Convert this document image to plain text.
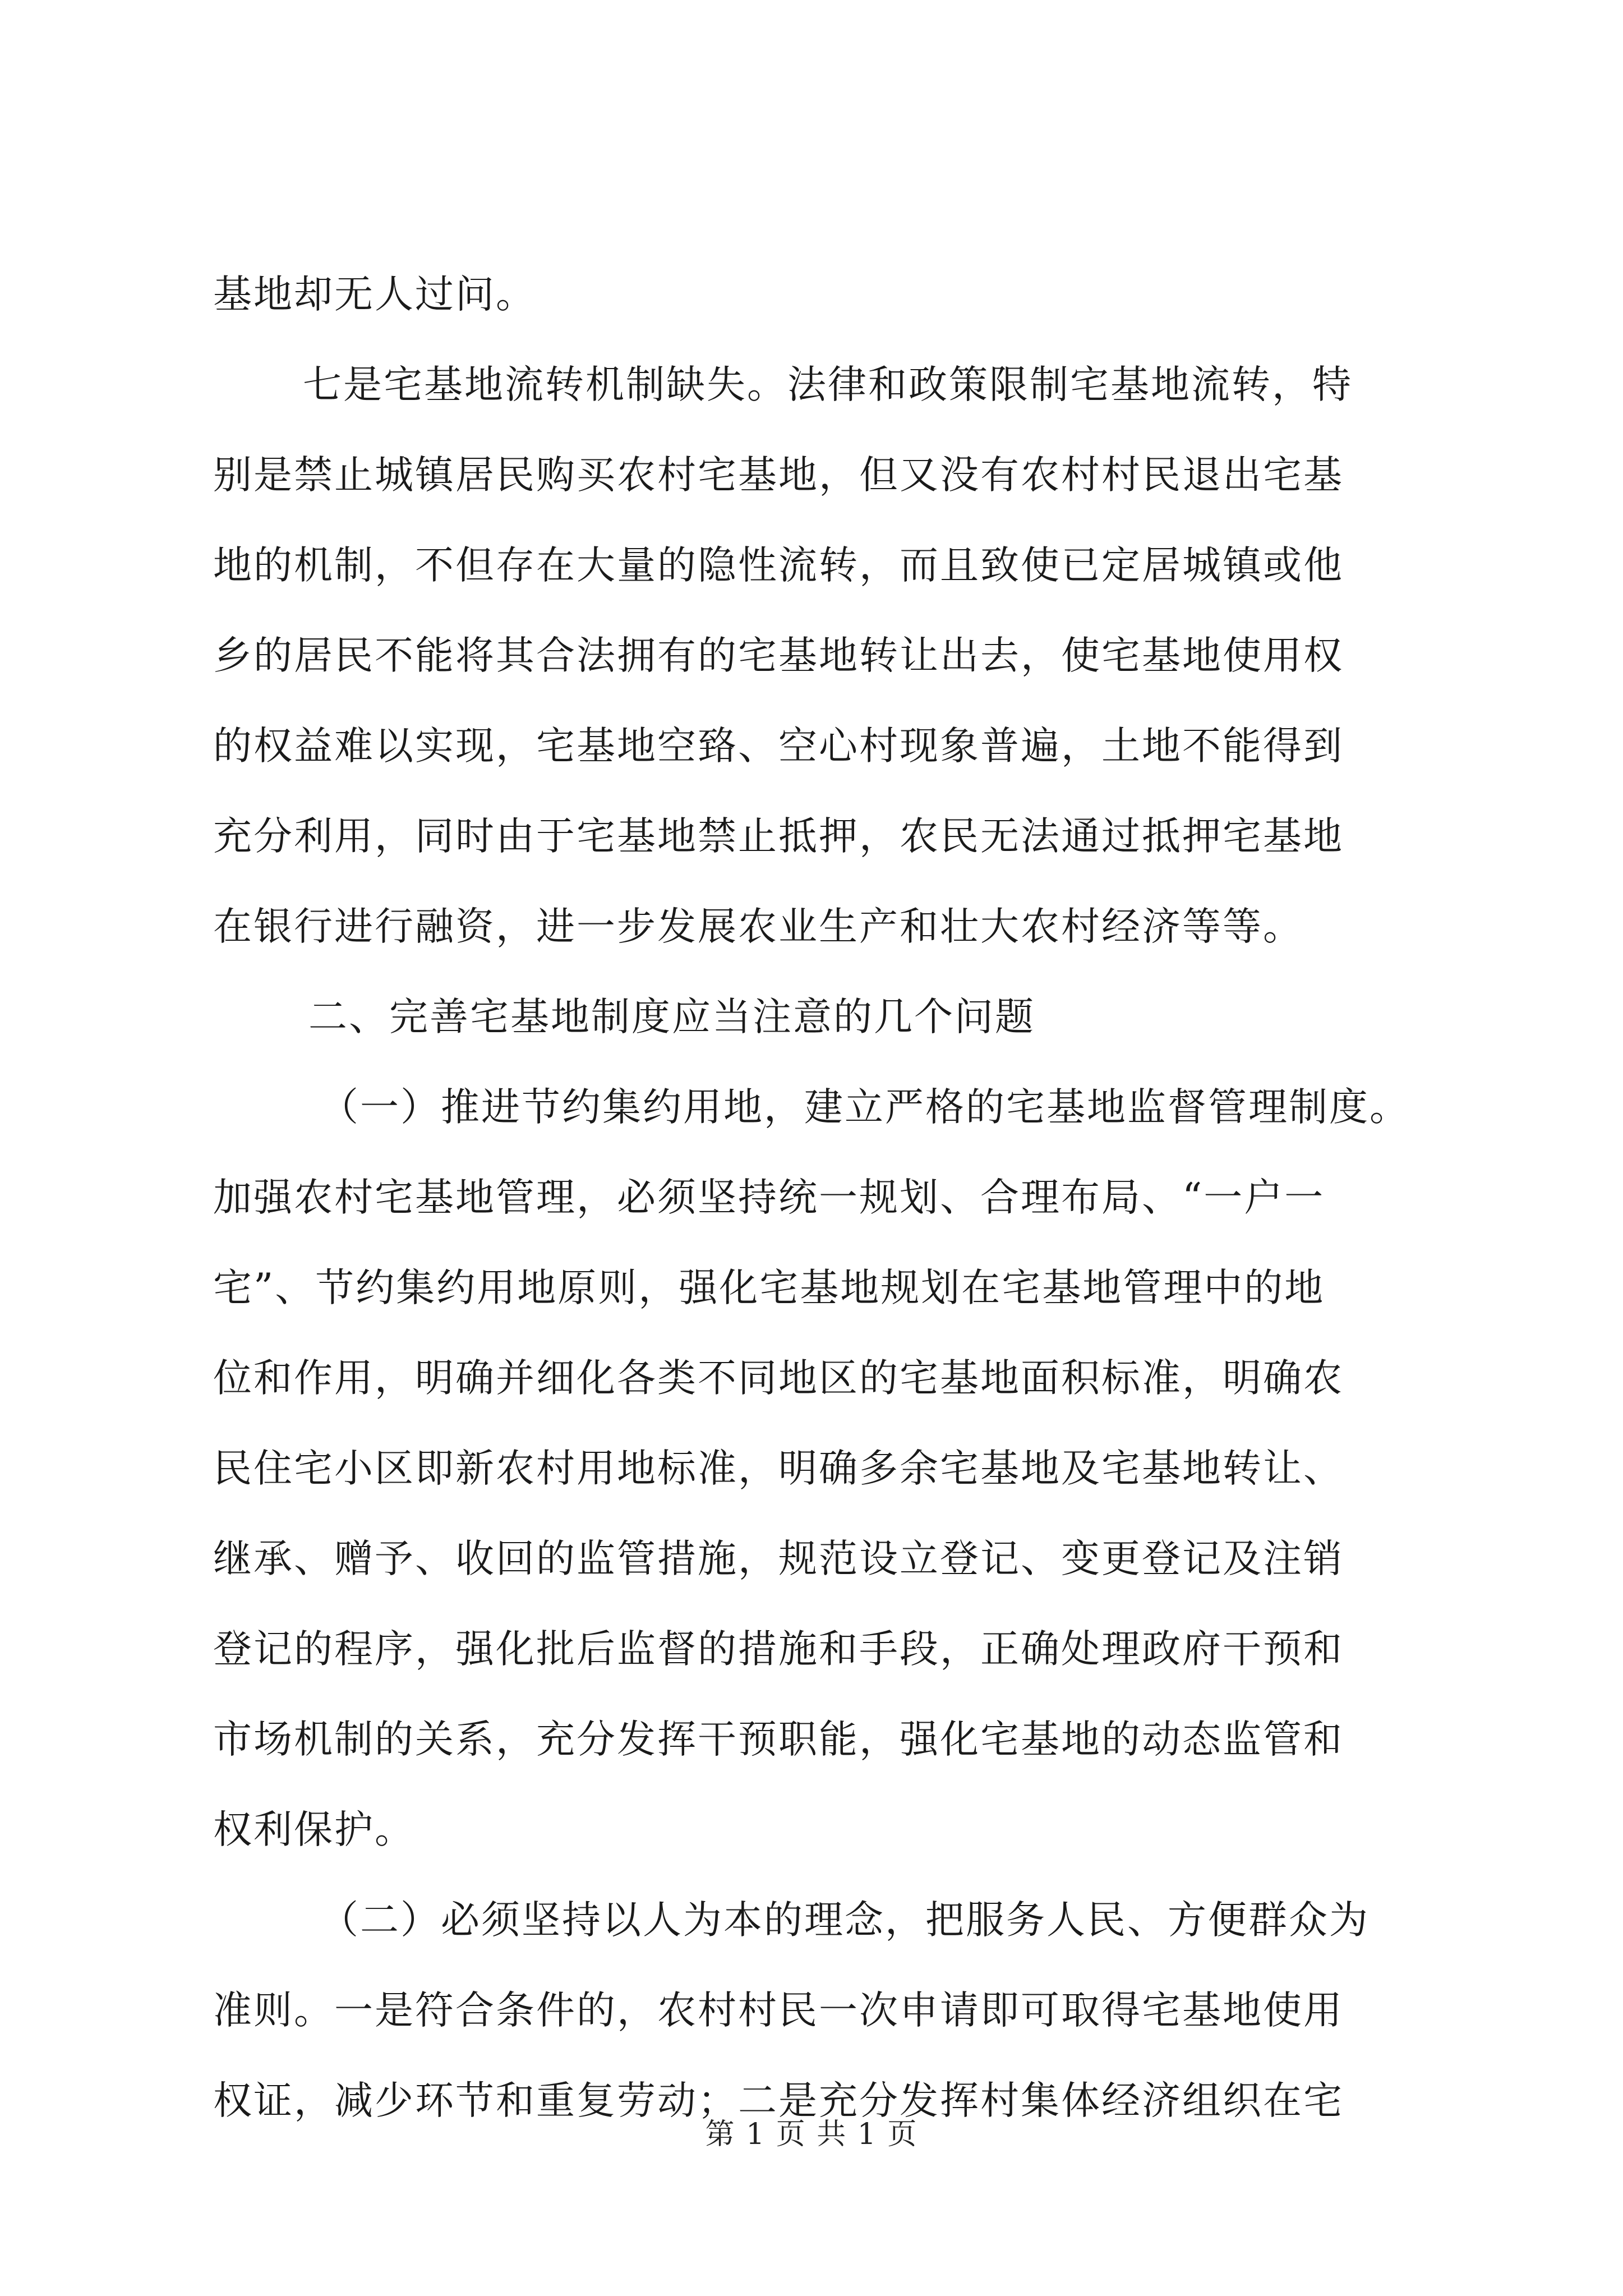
基地却无人过问。
七是宅基地流转机制缺失。法律和政策限制宅基地流转，特
别是禁止城镇居民购买农村宅基地，但又没有农村村民退出宅基
地的机制，不但存在大量的隐性流转，而且致使已定居城镇或他
乡的居民不能将其合法拥有的宅基地转让出去，使宅基地使用权
的权益难以实现，宅基地空臵、空心村现象普遍，土地不能得到
充分利用，同时由于宅基地禁止抵押，农民无法通过抵押宅基地
在银行进行融资，进一步发展农业生产和壮大农村经济等等。
二、完善宅基地制度应当注意的几个问题
（一）推进节约集约用地，建立严格的宅基地监督管理制度。
加强农村宅基地管理，必须坚持统一规划、合理布局、“一户一
宅”、节约集约用地原则，强化宅基地规划在宅基地管理中的地
位和作用，明确并细化各类不同地区的宅基地面积标准，明确农
民住宅小区即新农村用地标准，明确多余宅基地及宅基地转让、
继承、赠予、收回的监管措施，规范设立登记、变更登记及注销
登记的程序，强化批后监督的措施和手段，正确处理政府干预和
市场机制的关系，充分发挥干预职能，强化宅基地的动态监管和
权利保护。
（二）必须坚持以人为本的理念，把服务人民、方便群众为
准则。一是符合条件的，农村村民一次申请即可取得宅基地使用
权证，减少环节和重复劳动；二是充分发挥村集体经济组织在宅
第 1 页 共 1 页
